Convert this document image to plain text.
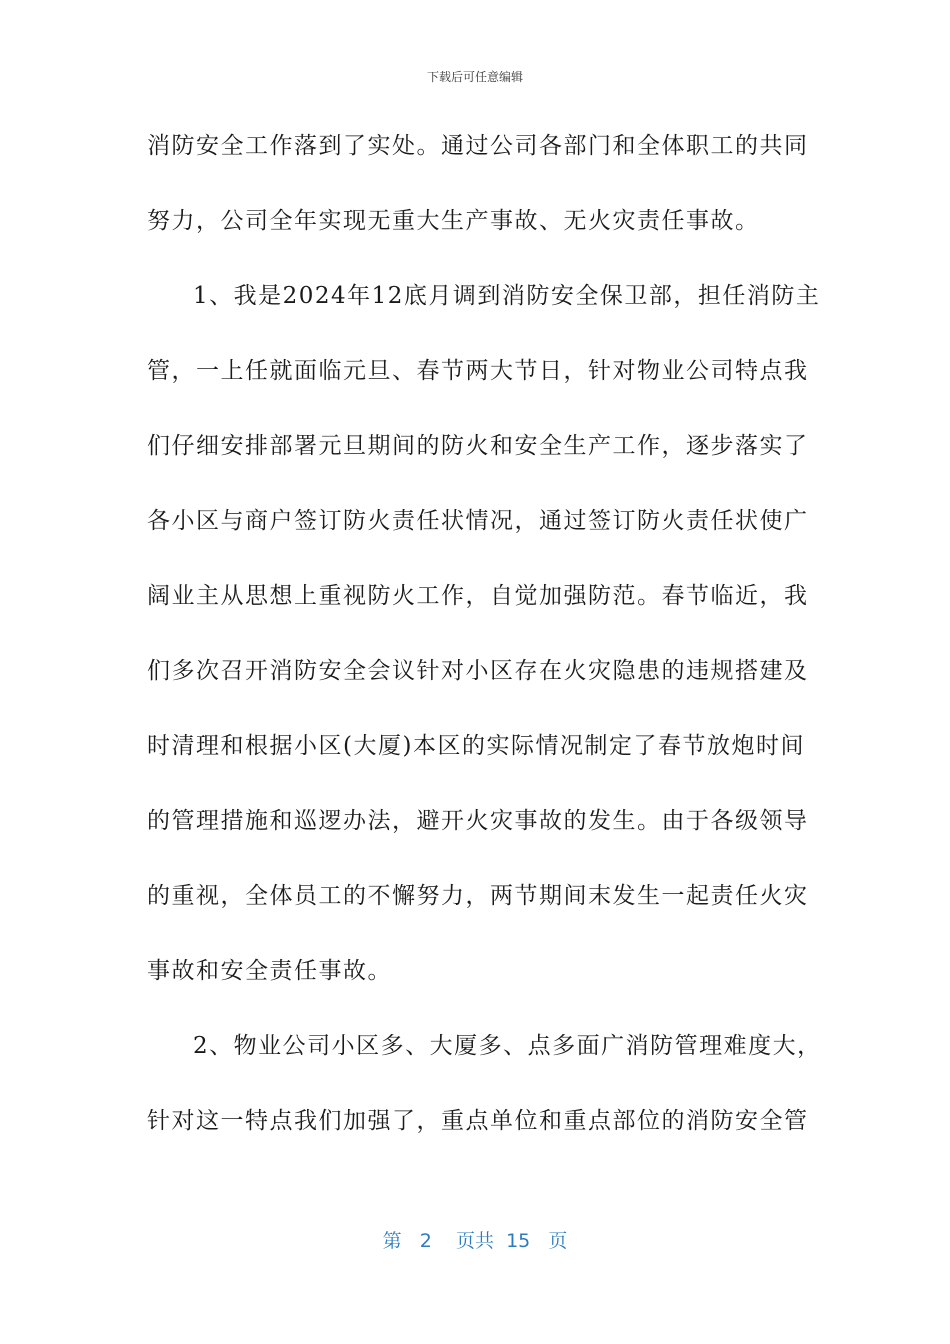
下载后可任意编辑
消防安全工作落到了实处。通过公司各部门和全体职工的共同
努力，公司全年实现无重大生产事故、无火灾责任事故。
1、我是2024年12底月调到消防安全保卫部，担任消防主
管，一上任就面临元旦、春节两大节日，针对物业公司特点我
们仔细安排部署元旦期间的防火和安全生产工作，逐步落实了
各小区与商户签订防火责任状情况，通过签订防火责任状使广
阔业主从思想上重视防火工作，自觉加强防范。春节临近，我
们多次召开消防安全会议针对小区存在火灾隐患的违规搭建及
时清理和根据小区(大厦)本区的实际情况制定了春节放炮时间
的管理措施和巡逻办法，避开火灾事故的发生。由于各级领导
的重视，全体员工的不懈努力，两节期间末发生一起责任火灾
事故和安全责任事故。
2、物业公司小区多、大厦多、点多面广消防管理难度大，
针对这一特点我们加强了，重点单位和重点部位的消防安全管
第 2 页共 15 页
